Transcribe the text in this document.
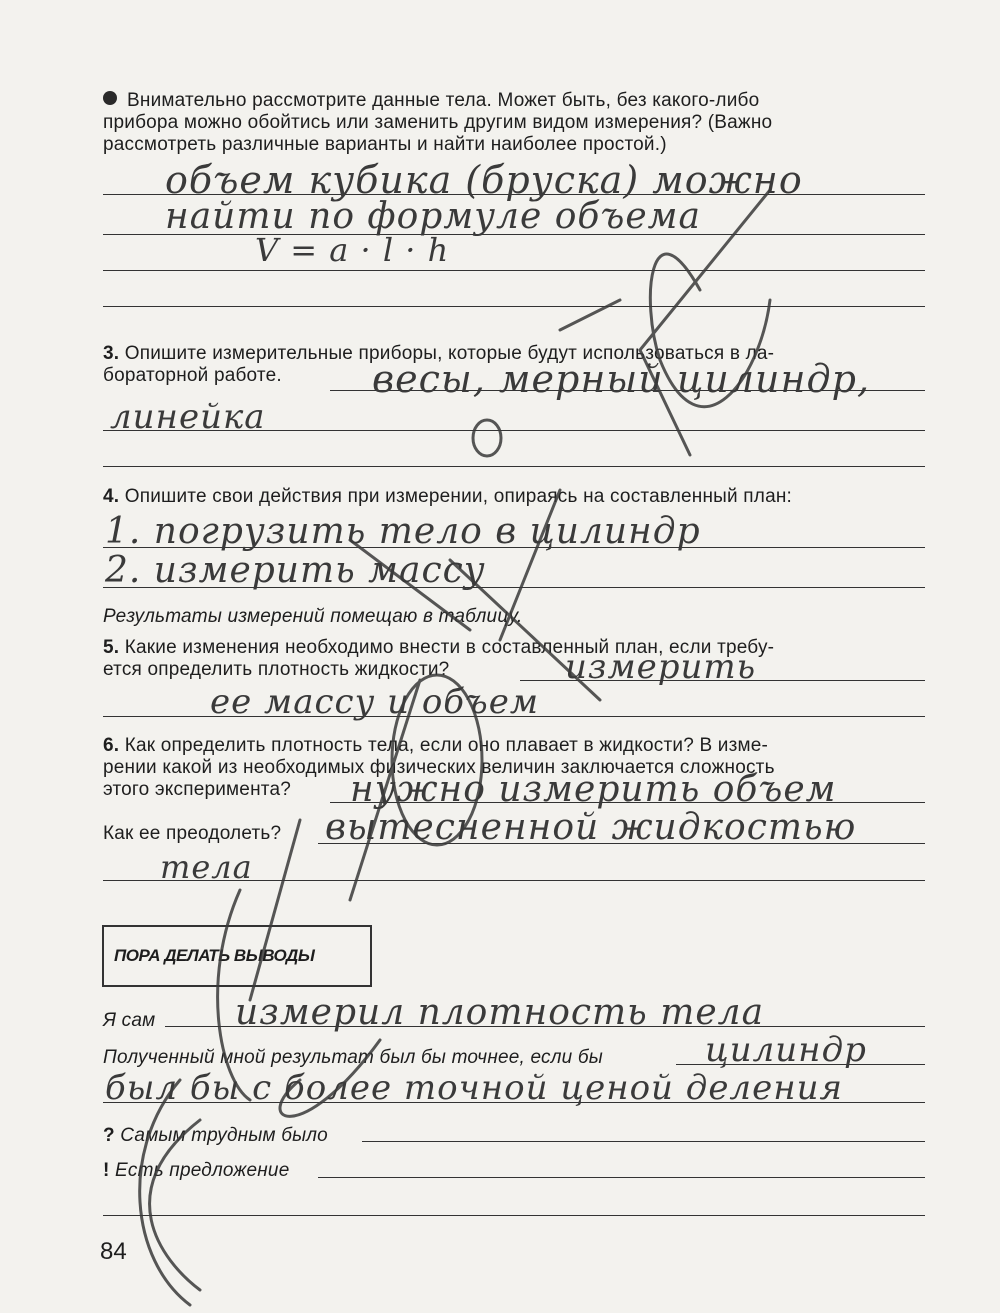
Внимательно рассмотрите данные тела. Может быть, без какого-либо
прибора можно обойтись или заменить другим видом измерения? (Важно
рассмотреть различные варианты и найти наиболее простой.)
объем кубика (бруска) можно
найти по формуле объема
V = a · l · h
3. Опишите измерительные приборы, которые будут использоваться в ла-
бораторной работе.	весы, мерный цилиндр,
линейка
4. Опишите свои действия при измерении, опираясь на составленный план:
1. погрузить тело в цилиндр
2. измерить массу
Результаты измерений помещаю в таблицу.
5. Какие изменения необходимо внести в составленный план, если требу-
ется определить плотность жидкости?	измерить
ее массу и объем
6. Как определить плотность тела, если оно плавает в жидкости? В изме-
рении какой из необходимых физических величин заключается сложность
этого эксперимента?
Как ее преодолеть?
нужно измерить объем
вытесненной жидкостью
тела
ПОРА ДЕЛАТЬ ВЫВОДЫ
Я сам измерил плотность тела
Полученный мной результат был бы точнее, если бы	цилиндр
был бы с более точной ценой деления
? Самым трудным было
! Есть предложение
84
